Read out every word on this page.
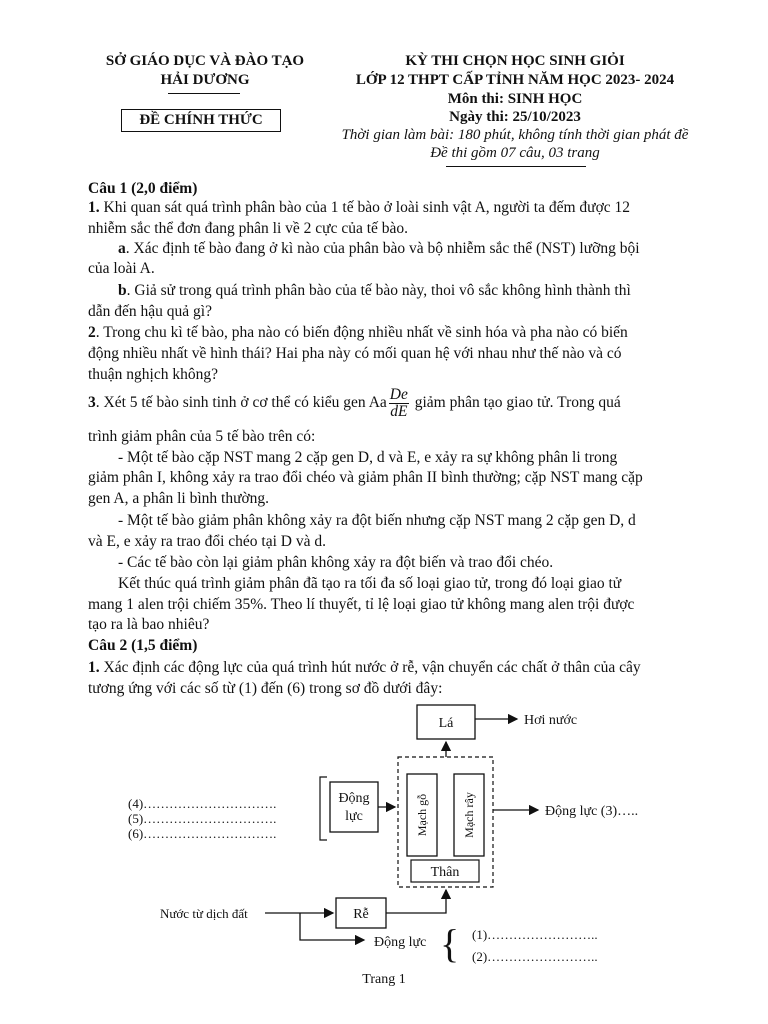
SỞ GIÁO DỤC VÀ ĐÀO TẠO
HẢI DƯƠNG
ĐỀ CHÍNH THỨC
KỲ THI CHỌN HỌC SINH GIỎI
LỚP 12 THPT CẤP TỈNH NĂM HỌC 2023- 2024
Môn thi: SINH HỌC
Ngày thi: 25/10/2023
Thời gian làm bài: 180 phút, không tính thời gian phát đề
Đề thi gồm 07 câu, 03 trang
Câu 1 (2,0 điểm)
1. Khi quan sát quá trình phân bào của 1 tế bào ở loài sinh vật A, người ta đếm được 12
nhiễm sắc thể đơn đang phân li về 2 cực của tế bào.
a. Xác định tế bào đang ở kì nào của phân bào và bộ nhiễm sắc thể (NST) lưỡng bội
của loài A.
b. Giả sử trong quá trình phân bào của tế bào này, thoi vô sắc không hình thành thì
dẫn đến hậu quả gì?
2. Trong chu kì tế bào, pha nào có biến động nhiều nhất về sinh hóa và pha nào có biến
động nhiều nhất về hình thái? Hai pha này có mối quan hệ với nhau như thế nào và có
thuận nghịch không?
3. Xét 5 tế bào sinh tinh ở cơ thể có kiểu gen Aa $\frac{De}{dE}$ giảm phân tạo giao tử. Trong quá
trình giảm phân của 5 tế bào trên có:
- Một tế bào cặp NST mang 2 cặp gen D, d và E, e xảy ra sự không phân li trong
giảm phân I, không xảy ra trao đổi chéo và giảm phân II bình thường; cặp NST mang cặp
gen A, a phân li bình thường.
- Một tế bào giảm phân không xảy ra đột biến nhưng cặp NST mang 2 cặp gen D, d
và E, e xảy ra trao đổi chéo tại D và d.
- Các tế bào còn lại giảm phân không xảy ra đột biến và trao đổi chéo.
Kết thúc quá trình giảm phân đã tạo ra tối đa số loại giao tử, trong đó loại giao tử
mang 1 alen trội chiếm 35%. Theo lí thuyết, tỉ lệ loại giao tử không mang alen trội được
tạo ra là bao nhiêu?
Câu 2 (1,5 điểm)
1. Xác định các động lực của quá trình hút nước ở rễ, vận chuyển các chất ở thân của cây
tương ứng với các số từ (1) đến (6) trong sơ đồ dưới đây:
Lá	Hơi nước
Mạch gỗ	Mạch rây
Thân
Động
lực
(4)………………………….
(5)………………………….
(6)………………………….
Động lực (3)…..
Nước từ dịch đất	Rễ
Động lực { (1)……………………..
(2)……………………..
Trang 1
